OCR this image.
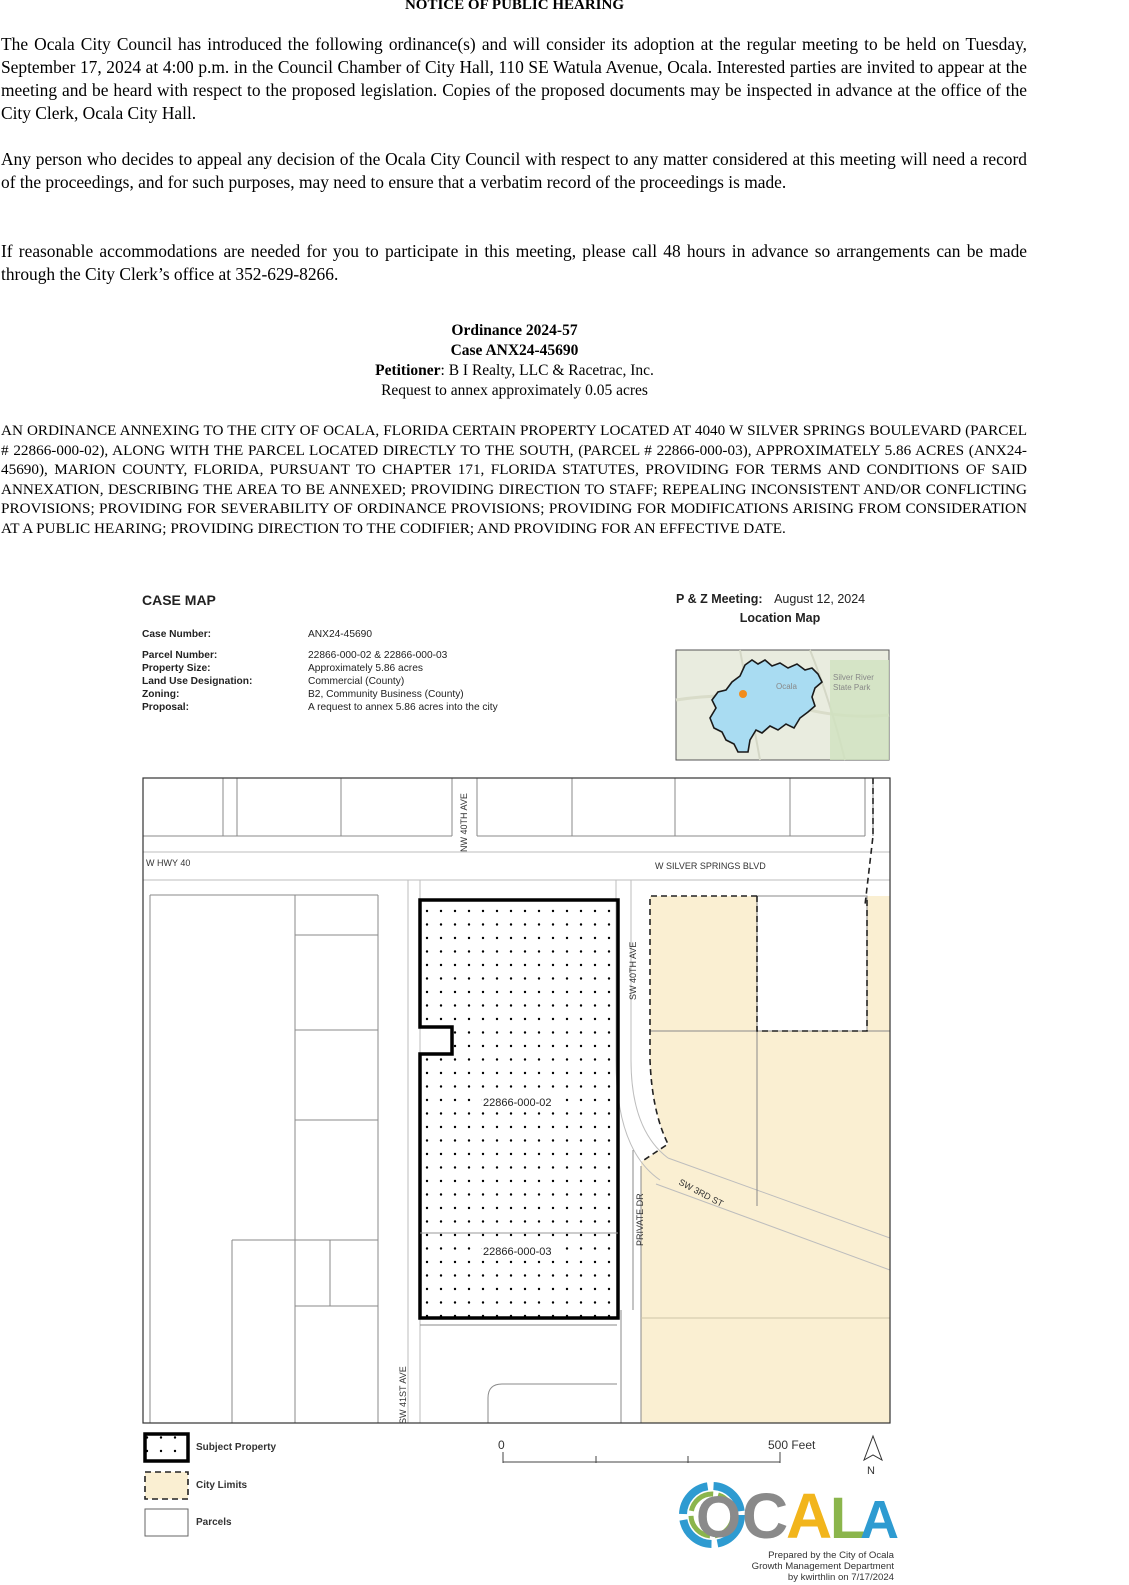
NOTICE OF PUBLIC HEARING
The Ocala City Council has introduced the following ordinance(s) and will consider its adoption at the regular meeting to be held on Tuesday, September 17, 2024 at 4:00 p.m. in the Council Chamber of City Hall, 110 SE Watula Avenue, Ocala. Interested parties are invited to appear at the meeting and be heard with respect to the proposed legislation. Copies of the proposed documents may be inspected in advance at the office of the City Clerk, Ocala City Hall.
Any person who decides to appeal any decision of the Ocala City Council with respect to any matter considered at this meeting will need a record of the proceedings, and for such purposes, may need to ensure that a verbatim record of the proceedings is made.
If reasonable accommodations are needed for you to participate in this meeting, please call 48 hours in advance so arrangements can be made through the City Clerk’s office at 352-629-8266.
Ordinance 2024-57
Case ANX24-45690
Petitioner: B I Realty, LLC & Racetrac, Inc.
Request to annex approximately 0.05 acres
AN ORDINANCE ANNEXING TO THE CITY OF OCALA, FLORIDA CERTAIN PROPERTY LOCATED AT 4040 W SILVER SPRINGS BOULEVARD (PARCEL # 22866-000-02), ALONG WITH THE PARCEL LOCATED DIRECTLY TO THE SOUTH, (PARCEL # 22866-000-03), APPROXIMATELY 5.86 ACRES (ANX24-45690), MARION COUNTY, FLORIDA, PURSUANT TO CHAPTER 171, FLORIDA STATUTES, PROVIDING FOR TERMS AND CONDITIONS OF SAID ANNEXATION, DESCRIBING THE AREA TO BE ANNEXED; PROVIDING DIRECTION TO STAFF; REPEALING INCONSISTENT AND/OR CONFLICTING PROVISIONS; PROVIDING FOR SEVERABILITY OF ORDINANCE PROVISIONS; PROVIDING FOR MODIFICATIONS ARISING FROM CONSIDERATION AT A PUBLIC HEARING; PROVIDING DIRECTION TO THE CODIFIER; AND PROVIDING FOR AN EFFECTIVE DATE.
CASE MAP	P & Z Meeting: August 12, 2024
Location Map
Case Number:	ANX24-45690
Parcel Number:	22866-000-02 & 22866-000-03
Property Size:	Approximately 5.86 acres
Land Use Designation:	Commercial (County)
Zoning:	B2, Community Business (County)
Proposal:	A request to annex 5.86 acres into the city
W HWY 40	W SILVER SPRINGS BLVD
NW 40TH AVE
SW 40TH AVE
SW 3RD ST
PRIVATE DR
SW 41ST AVE
22866-000-02
22866-000-03
Ocala
Silver River State Park
0	500 Feet
N
O C
A
L
A
Subject Property
City Limits
Parcels
Prepared by the City of Ocala
Growth Management Department
by kwirthlin on 7/17/2024
